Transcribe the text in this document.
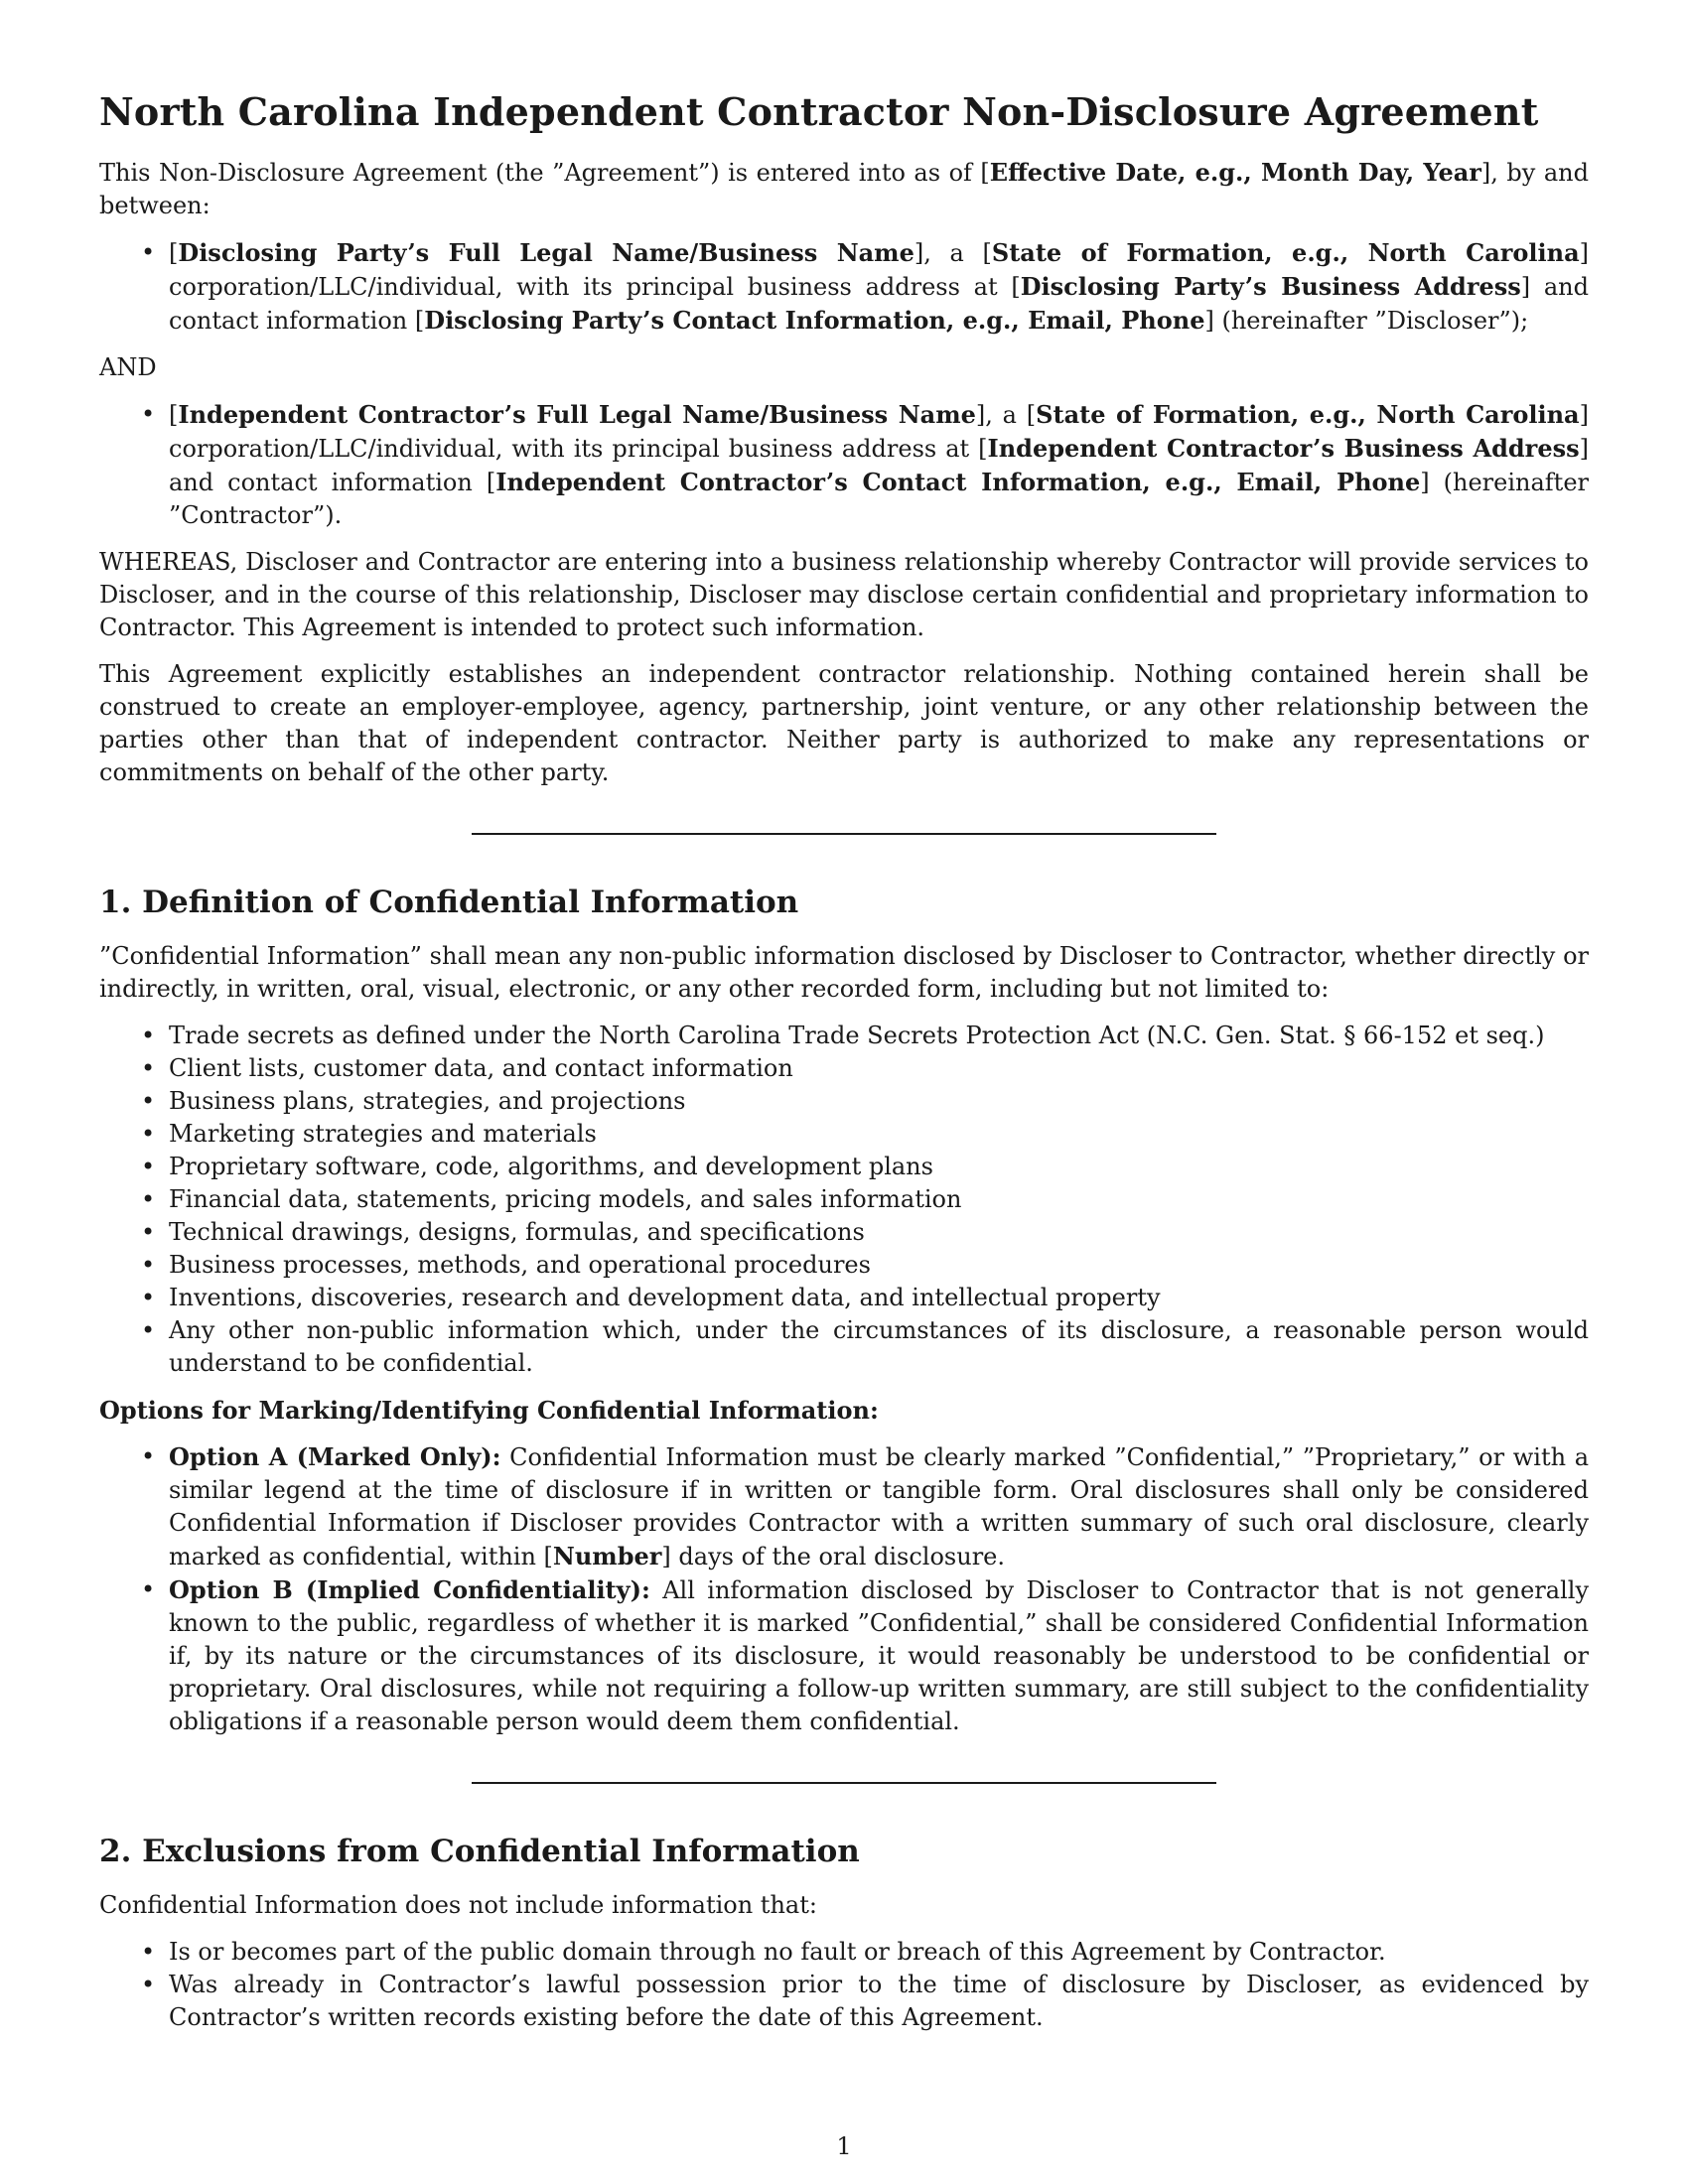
North Carolina Independent Contractor Non-Disclosure Agreement

This Non-Disclosure Agreement (the ”Agreement”) is entered into as of [Effective Date, e.g., Month Day, Year], by and between:

• [Disclosing Party’s Full Legal Name/Business Name], a [State of Formation, e.g., North Carolina] corporation/LLC/individual, with its principal business address at [Disclosing Party’s Business Address] and contact information [Disclosing Party’s Contact Information, e.g., Email, Phone] (hereinafter ”Discloser”);
AND
• [Independent Contractor’s Full Legal Name/Business Name], a [State of Formation, e.g., North Carolina] corporation/LLC/individual, with its principal business address at [Independent Contractor’s Business Address] and contact information [Independent Contractor’s Contact Information, e.g., Email, Phone] (hereinafter ”Contractor”).

WHEREAS, Discloser and Contractor are entering into a business relationship whereby Contractor will provide services to Discloser, and in the course of this relationship, Discloser may disclose certain confidential and proprietary information to Contractor. This Agreement is intended to protect such information.

This Agreement explicitly establishes an independent contractor relationship. Nothing contained herein shall be construed to create an employer-employee, agency, partnership, joint venture, or any other relationship between the parties other than that of independent contractor. Neither party is authorized to make any representations or commitments on behalf of the other party.

1. Definition of Confidential Information

”Confidential Information” shall mean any non-public information disclosed by Discloser to Contractor, whether directly or indirectly, in written, oral, visual, electronic, or any other recorded form, including but not limited to:

• Trade secrets as defined under the North Carolina Trade Secrets Protection Act (N.C. Gen. Stat. § 66-152 et seq.)
• Client lists, customer data, and contact information
• Business plans, strategies, and projections
• Marketing strategies and materials
• Proprietary software, code, algorithms, and development plans
• Financial data, statements, pricing models, and sales information
• Technical drawings, designs, formulas, and specifications
• Business processes, methods, and operational procedures
• Inventions, discoveries, research and development data, and intellectual property
• Any other non-public information which, under the circumstances of its disclosure, a reasonable person would understand to be confidential.
Options for Marking/Identifying Confidential Information:
• Option A (Marked Only): Confidential Information must be clearly marked ”Confidential,” ”Proprietary,” or with a similar legend at the time of disclosure if in written or tangible form. Oral disclosures shall only be considered Confidential Information if Discloser provides Contractor with a written summary of such oral disclosure, clearly marked as confidential, within [Number] days of the oral disclosure.
• Option B (Implied Confidentiality): All information disclosed by Discloser to Contractor that is not generally known to the public, regardless of whether it is marked ”Confidential,” shall be considered Confidential Information if, by its nature or the circumstances of its disclosure, it would reasonably be understood to be confidential or proprietary. Oral disclosures, while not requiring a follow-up written summary, are still subject to the confidentiality obligations if a reasonable person would deem them confidential.
2. Exclusions from Confidential Information

Confidential Information does not include information that:

• Is or becomes part of the public domain through no fault or breach of this Agreement by Contractor.
• Was already in Contractor’s lawful possession prior to the time of disclosure by Discloser, as evidenced by Contractor’s written records existing before the date of this Agreement.
1
